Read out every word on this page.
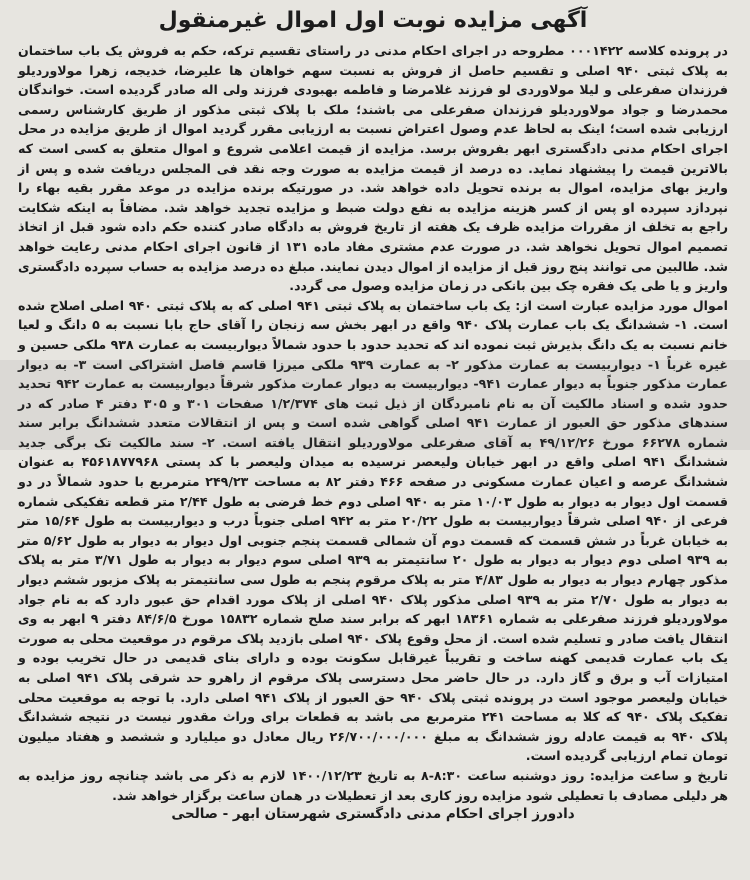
آگهی مزایده نوبت اول اموال غیرمنقول

در پرونده کلاسه ۰۰۰۱۴۲۲ مطروحه در اجرای احکام مدنی در راستای تقسیم ترکه، حکم به فروش یک باب ساختمان به پلاک ثبتی ۹۴۰ اصلی و تقسیم حاصل از فروش به نسبت سهم خواهان ها علیرضا، خدیجه، زهرا مولاوردیلو فرزندان صفرعلی و لیلا مولاوردی لو فرزند غلامرضا و فاطمه بهبودی فرزند ولی اله صادر گردیده است. خواندگان محمدرضا و جواد مولاوردیلو فرزندان صفرعلی می باشند؛ ملک با پلاک ثبتی مذکور از طریق کارشناس رسمی ارزیابی شده است؛ اینک به لحاظ عدم وصول اعتراض نسبت به ارزیابی مقرر گردید اموال از طریق مزایده در محل اجرای احکام مدنی دادگستری ابهر بفروش برسد. مزایده از قیمت اعلامی شروع و اموال متعلق به کسی است که بالاترین قیمت را پیشنهاد نماید. ده درصد از قیمت مزایده به صورت وجه نقد فی المجلس دریافت شده و پس از واریز بهای مزایده، اموال به برنده تحویل داده خواهد شد. در صورتیکه برنده مزایده در موعد مقرر بقیه بهاء را نپردازد سپرده او پس از کسر هزینه مزایده به نفع دولت ضبط و مزایده تجدید خواهد شد. مضافاً به اینکه شکایت راجع به تخلف از مقررات مزایده ظرف یک هفته از تاریخ فروش به دادگاه صادر کننده حکم داده شود قبل از اتخاذ تصمیم اموال تحویل نخواهد شد. در صورت عدم مشتری مفاد ماده ۱۳۱ از قانون اجرای احکام مدنی رعایت خواهد شد. طالبین می توانند پنج روز قبل از مزایده از اموال دیدن نمایند. مبلغ ده درصد مزایده به حساب سپرده دادگستری واریز و یا طی یک فقره چک بین بانکی در زمان مزایده وصول می گردد.

اموال مورد مزایده عبارت است از: یک باب ساختمان به پلاک ثبتی ۹۴۱ اصلی که به پلاک ثبتی ۹۴۰ اصلی اصلاح شده است. ۱- ششدانگ یک باب عمارت پلاک ۹۴۰ واقع در ابهر بخش سه زنجان را آقای حاج بابا نسبت به ۵ دانگ و لعیا خانم نسبت به یک دانگ بذیرش ثبت نموده اند که تحدید حدود با حدود شمالاً دیواربیست به عمارت ۹۳۸ ملکی حسین و غیره غرباً ۱- دیواربیست به عمارت مذکور ۲- به عمارت ۹۳۹ ملکی میرزا قاسم فاصل اشتراکی است ۳- به دیوار عمارت مذکور جنوباً به دیوار عمارت ۹۴۱- دیواربیست به دیوار عمارت مذکور شرقاً دیواربیست به عمارت ۹۴۲ تحدید حدود شده و اسناد مالکیت آن به نام نامبردگان از ذیل ثبت های ۱/۲/۳۷۴ صفحات ۳۰۱ و ۳۰۵ دفتر ۴ صادر که در سندهای مذکور حق العبور از عمارت ۹۴۱ اصلی گواهی شده است و پس از انتقالات متعدد ششدانگ برابر سند شماره ۶۶۲۷۸ مورخ ۴۹/۱۲/۲۶ به آقای صفرعلی مولاوردیلو انتقال یافته است. ۲- سند مالکیت تک برگی جدید ششدانگ ۹۴۱ اصلی واقع در ابهر خیابان ولیعصر نرسیده به میدان ولیعصر با کد پستی ۴۵۶۱۸۷۷۹۶۸ به عنوان ششدانگ عرصه و اعیان عمارت مسکونی در صفحه ۴۶۶ دفتر ۸۲ به مساحت ۲۴۹/۲۳ مترمربع با حدود شمالاً در دو قسمت اول دیوار به دیوار به طول ۱۰/۰۳ متر به ۹۴۰ اصلی دوم خط فرضی به طول ۲/۴۴ متر قطعه تفکیکی شماره فرعی از ۹۴۰ اصلی شرقاً دیواربیست به طول ۲۰/۲۲ متر به ۹۴۲ اصلی جنوباً درب و دیواربیست به طول ۱۵/۶۴ متر به خیابان غرباً در شش قسمت که قسمت دوم آن شمالی قسمت پنجم جنوبی اول دیوار به دیوار به طول ۵/۶۲ متر به ۹۳۹ اصلی دوم دیوار به دیوار به طول ۲۰ سانتیمتر به ۹۳۹ اصلی سوم دیوار به دیوار به طول ۳/۷۱ متر به پلاک مذکور چهارم دیوار به دیوار به طول ۴/۸۳ متر به پلاک مرقوم پنجم به طول سی سانتیمتر به پلاک مزبور ششم دیوار به دیوار به طول ۲/۷۰ متر به ۹۳۹ اصلی مذکور پلاک ۹۴۰ اصلی از پلاک مورد اقدام حق عبور دارد که به نام جواد مولاوردیلو فرزند صفرعلی به شماره ۱۸۳۶۱ ابهر که برابر سند صلح شماره ۱۵۸۳۲ مورخ ۸۴/۶/۵ دفتر ۹ ابهر به وی انتقال یافت صادر و تسلیم شده است. از محل وقوع پلاک ۹۴۰ اصلی بازدید پلاک مرقوم در موقعیت محلی به صورت یک باب عمارت قدیمی کهنه ساخت و تقریباً غیرقابل سکونت بوده و دارای بنای قدیمی در حال تخریب بوده و امتیازات آب و برق و گاز دارد. در حال حاضر محل دسترسی پلاک مرقوم از راهرو حد شرقی پلاک ۹۴۱ اصلی به خیابان ولیعصر موجود است در پرونده ثبتی پلاک ۹۴۰ حق العبور از پلاک ۹۴۱ اصلی دارد. با توجه به موقعیت محلی تفکیک پلاک ۹۴۰ که کلا به مساحت ۲۴۱ مترمربع می باشد به قطعات برای وراث مقدور نیست در نتیجه ششدانگ پلاک ۹۴۰ به قیمت عادله روز ششدانگ به مبلغ ۲۶/۷۰۰/۰۰۰/۰۰۰ ریال معادل دو میلیارد و ششصد و هفتاد میلیون تومان تمام ارزیابی گردیده است.

تاریخ و ساعت مزایده: روز دوشنبه ساعت ۸:۳۰-۸ به تاریخ ۱۴۰۰/۱۲/۲۳ لازم به ذکر می باشد چنانچه روز مزایده به هر دلیلی مصادف با تعطیلی شود مزایده روز کاری بعد از تعطیلات در همان ساعت برگزار خواهد شد.

دادورز اجرای احکام مدنی دادگستری شهرستان ابهر - صالحی
